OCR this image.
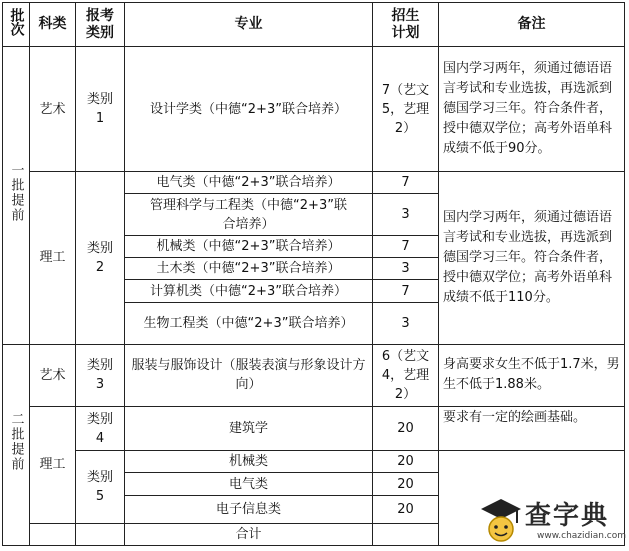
批次	科类	报考类别	专业	招生计划	备注	
一批提前	艺术	类别1	设计学类（中德“2+3”联合培养）	7（艺文5，艺理2）	国内学习两年，须通过德语语言考试和专业选拔，再选派到德国学习三年。符合条件者，授中德双学位；高考外语单科成绩不低于90分。	
	理工	类别2	电气类（中德“2+3”联合培养）	7	国内学习两年，须通过德语语言考试和专业选拔，再选派到德国学习三年。符合条件者，授中德双学位；高考外语单科成绩不低于110分。	
			管理科学与工程类（中德“2+3”联合培养）	3		
			机械类（中德“2+3”联合培养）	7		
			土木类（中德“2+3”联合培养）	3		
			计算机类（中德“2+3”联合培养）	7		
			生物工程类（中德“2+3”联合培养）	3		
二批提前	艺术	类别3	服装与服饰设计（服装表演与形象设计方向）	6（艺文4，艺理2）	身高要求女生不低于1.7米，男生不低于1.88米。	
	理工	类别4	建筑学	20	要求有一定的绘画基础。	
		类别5	机械类	20		
			电气类	20		
			电子信息类	20		
			合计		
查字典
www.chazidian.com
